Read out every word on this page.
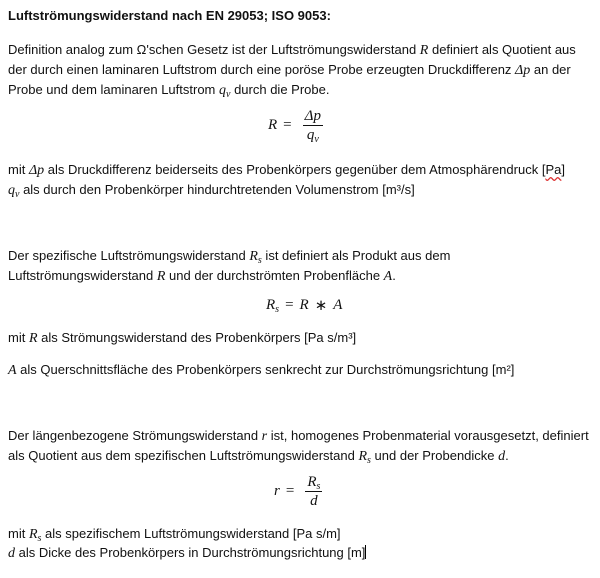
Luftströmungswiderstand nach EN 29053; ISO 9053:
Definition analog zum Ω'schen Gesetz ist der Luftströmungswiderstand R definiert als Quotient aus
der durch einen laminaren Luftstrom durch eine poröse Probe erzeugten Druckdifferenz Δp an der
Probe und dem laminaren Luftstrom $q_v$ durch die Probe.
$R = \frac{\Delta p}{q_v}$
mit Δp als Druckdifferenz beiderseits des Probenkörpers gegenüber dem Atmosphärendruck [Pa]
$q_v$ als durch den Probenkörper hindurchtretenden Volumenstrom [m³/s]
Der spezifische Luftströmungswiderstand $R_s$ ist definiert als Produkt aus dem
Luftströmungswiderstand R und der durchströmten Probenfläche A.
$R_s = R$ ∗ A
mit R als Strömungswiderstand des Probenkörpers [Pa s/m³]
A als Querschnittsfläche des Probenkörpers senkrecht zur Durchströmungsrichtung [m²]
Der längenbezogene Strömungswiderstand r ist, homogenes Probenmaterial vorausgesetzt, definiert
als Quotient aus dem spezifischen Luftströmungswiderstand $R_s$ und der Probendicke d.
$r = \frac{R_s}{d}$
mit $R_s$ als spezifischem Luftströmungswiderstand [Pa s/m]
d als Dicke des Probenkörpers in Durchströmungsrichtung [m]
